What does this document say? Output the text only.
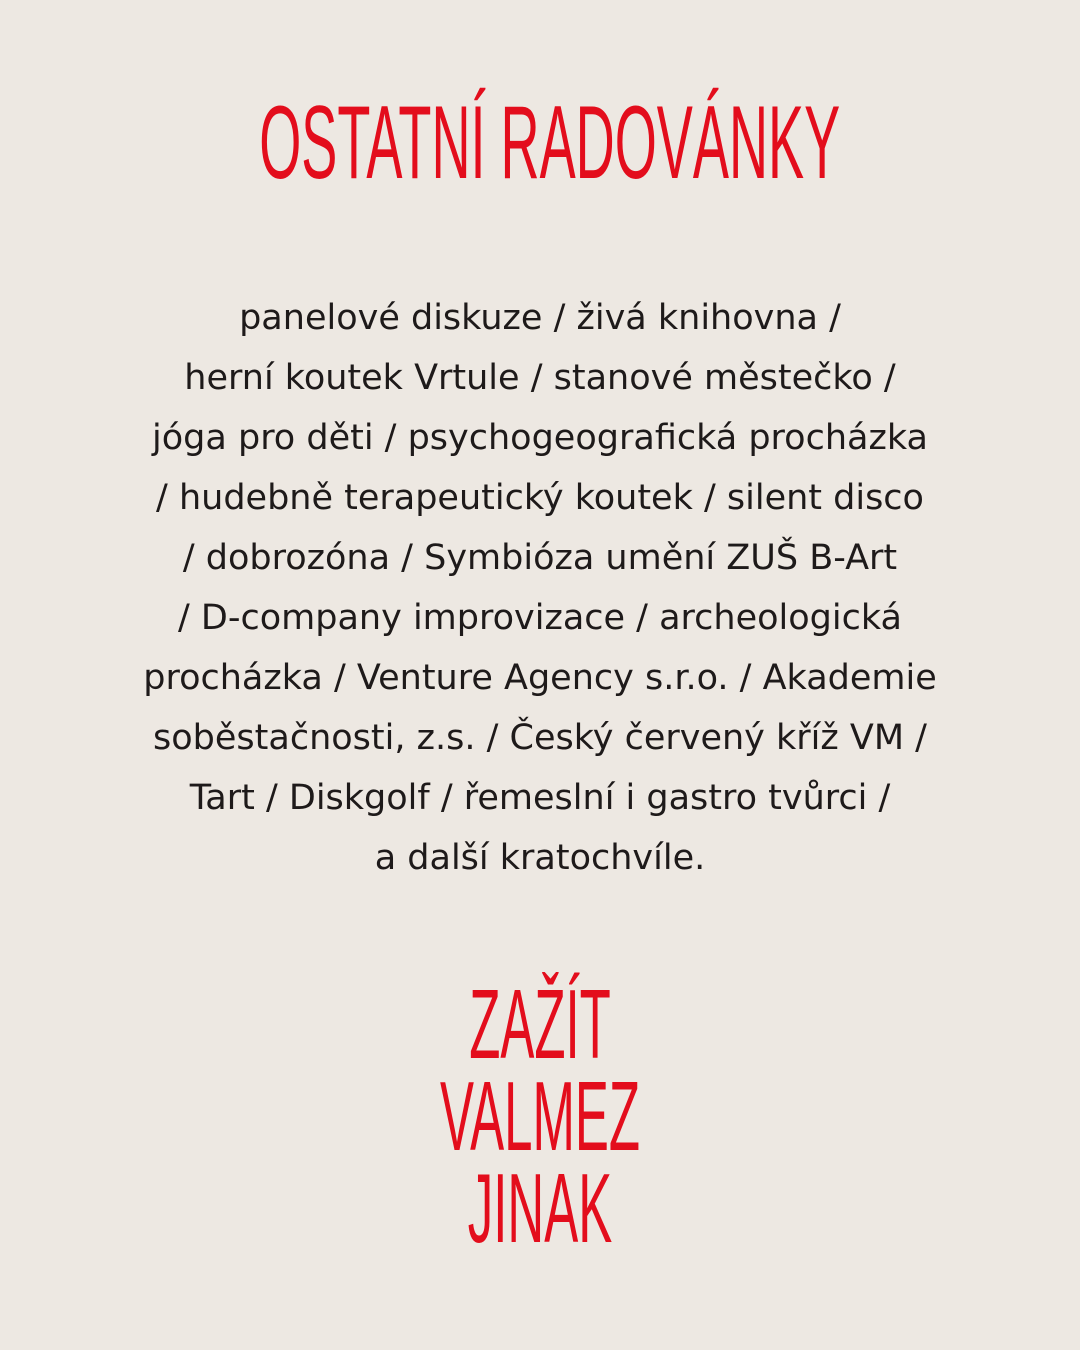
OSTATNÍ RADOVÁNKY
panelové diskuze / živá knihovna /
herní koutek Vrtule / stanové městečko /
jóga pro děti / psychogeografická procházka
/ hudebně terapeutický koutek / silent disco
/ dobrozóna / Symbióza umění ZUŠ B-Art
/ D-company improvizace / archeologická
procházka / Venture Agency s.r.o. / Akademie
soběstačnosti, z.s. / Český červený kříž VM /
Tart / Diskgolf / řemeslní i gastro tvůrci /
a další kratochvíle.
ZAŽÍT
VALMEZ
JINAK
